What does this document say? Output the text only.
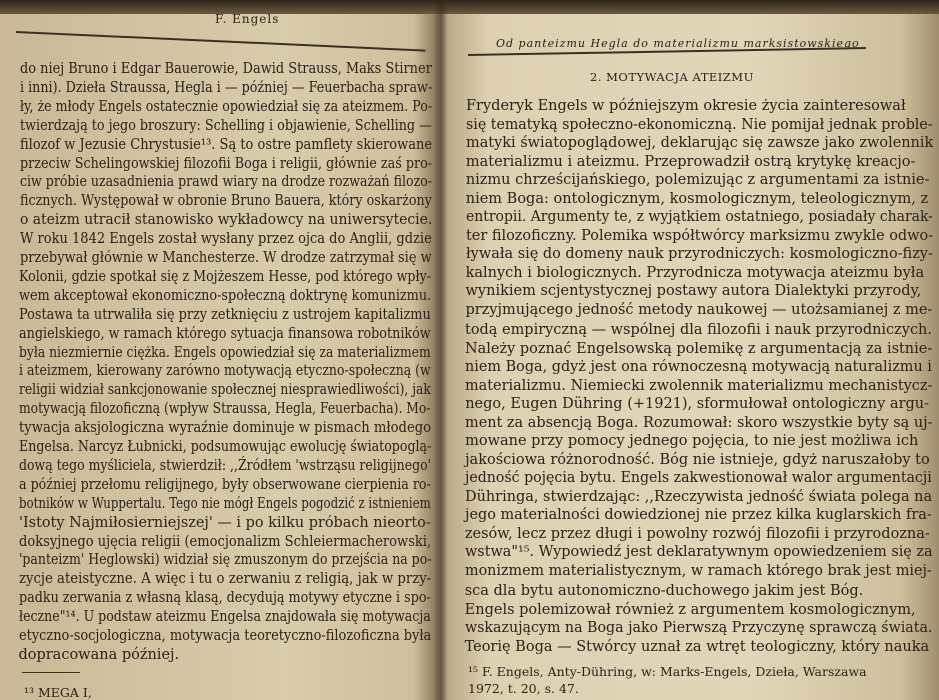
F. Engels
do niej Bruno i Edgar Bauerowie, Dawid Strauss, Maks Stirner
i inni). Dzieła Straussa, Hegla i — później — Feuerbacha spraw-
ły, że młody Engels ostatecznie opowiedział się za ateizmem. Po-
twierdzają to jego broszury: Schelling i objawienie, Schelling —
filozof w Jezusie Chrystusie¹³. Są to ostre pamflety skierowane
przeciw Schelingowskiej filozofii Boga i religii, głównie zaś pro-
ciw próbie uzasadnienia prawd wiary na drodze rozważań filozo-
ficznych. Występował w obronie Bruno Bauera, który oskarżony
o ateizm utracił stanowisko wykładowcy na uniwersytecie.
W roku 1842 Engels został wysłany przez ojca do Anglii, gdzie
przebywał głównie w Manchesterze. W drodze zatrzymał się w
Kolonii, gdzie spotkał się z Mojżeszem Hesse, pod którego wpły-
wem akceptował ekonomiczno-społeczną doktrynę komunizmu.
Postawa ta utrwaliła się przy zetknięciu z ustrojem kapitalizmu
angielskiego, w ramach którego sytuacja finansowa robotników
była niezmiernie ciężka. Engels opowiedział się za materializmem
i ateizmem, kierowany zarówno motywacją etyczno-społeczną (w
religii widział sankcjonowanie społecznej niesprawiedliwości), jak
motywacją filozoficzną (wpływ Straussa, Hegla, Feuerbacha). Mo-
tywacja aksjologiczna wyraźnie dominuje w pismach młodego
Engelsa. Narcyz Łubnicki, podsumowując ewolucję światopoglą-
dową tego myśliciela, stwierdził: ,,Źródłem 'wstrząsu religijnego'
a później przełomu religijnego, były obserwowane cierpienia ro-
botników w Wuppertalu. Tego nie mógł Engels pogodzić z istnieniem
'Istoty Najmiłosierniejszej' — i po kilku próbach nieorto-
doksyjnego ujęcia religii (emocjonalizm Schleiermacherowski,
'panteizm' Heglowski) widział się zmuszonym do przejścia na po-
zycje ateistyczne. A więc i tu o zerwaniu z religią, jak w przy-
padku zerwania z własną klasą, decydują motywy etyczne i spo-
łeczne"¹⁴. U podstaw ateizmu Engelsa znajdowała się motywacja
etyczno-socjologiczna, motywacja teoretyczno-filozoficzna była
dopracowana później.
¹³ MEGA I,
Od panteizmu Hegla do materializmu marksistowskiego
2. MOTYWACJA ATEIZMU
Fryderyk Engels w późniejszym okresie życia zainteresował
się tematyką społeczno-ekonomiczną. Nie pomijał jednak proble-
matyki światopoglądowej, deklarując się zawsze jako zwolennik
materializmu i ateizmu. Przeprowadził ostrą krytykę kreacjo-
nizmu chrześcijańskiego, polemizując z argumentami za istnie-
niem Boga: ontologicznym, kosmologicznym, teleologicznym, z
entropii. Argumenty te, z wyjątkiem ostatniego, posiadały charak-
ter filozoficzny. Polemika współtwórcy marksizmu zwykle odwo-
ływała się do domeny nauk przyrodniczych: kosmologiczno-fizy-
kalnych i biologicznych. Przyrodnicza motywacja ateizmu była
wynikiem scjentystycznej postawy autora Dialektyki przyrody,
przyjmującego jedność metody naukowej — utożsamianej z me-
todą empiryczną — wspólnej dla filozofii i nauk przyrodniczych.
Należy poznać Engelsowską polemikę z argumentacją za istnie-
niem Boga, gdyż jest ona równoczesną motywacją naturalizmu i
materializmu. Niemiecki zwolennik materializmu mechanistycz-
nego, Eugen Dühring (+1921), sformułował ontologiczny argu-
ment za absencją Boga. Rozumował: skoro wszystkie byty są uj-
mowane przy pomocy jednego pojęcia, to nie jest możliwa ich
jakościowa różnorodność. Bóg nie istnieje, gdyż naruszałoby to
jedność pojęcia bytu. Engels zakwestionował walor argumentacji
Dühringa, stwierdzając: ,,Rzeczywista jedność świata polega na
jego materialności dowiedzionej nie przez kilka kuglarskich fra-
zesów, lecz przez długi i powolny rozwój filozofii i przyrodozna-
wstwa"¹⁵. Wypowiedź jest deklaratywnym opowiedzeniem się za
monizmem materialistycznym, w ramach którego brak jest miej-
sca dla bytu autonomiczno-duchowego jakim jest Bóg.
Engels polemizował również z argumentem kosmologicznym,
wskazującym na Boga jako Pierwszą Przyczynę sprawczą świata.
Teorię Boga — Stwórcy uznał za wtręt teologiczny, który nauka
¹⁵ F. Engels, Anty-Dühring, w: Marks-Engels, Dzieła, Warszawa
1972, t. 20, s. 47.
